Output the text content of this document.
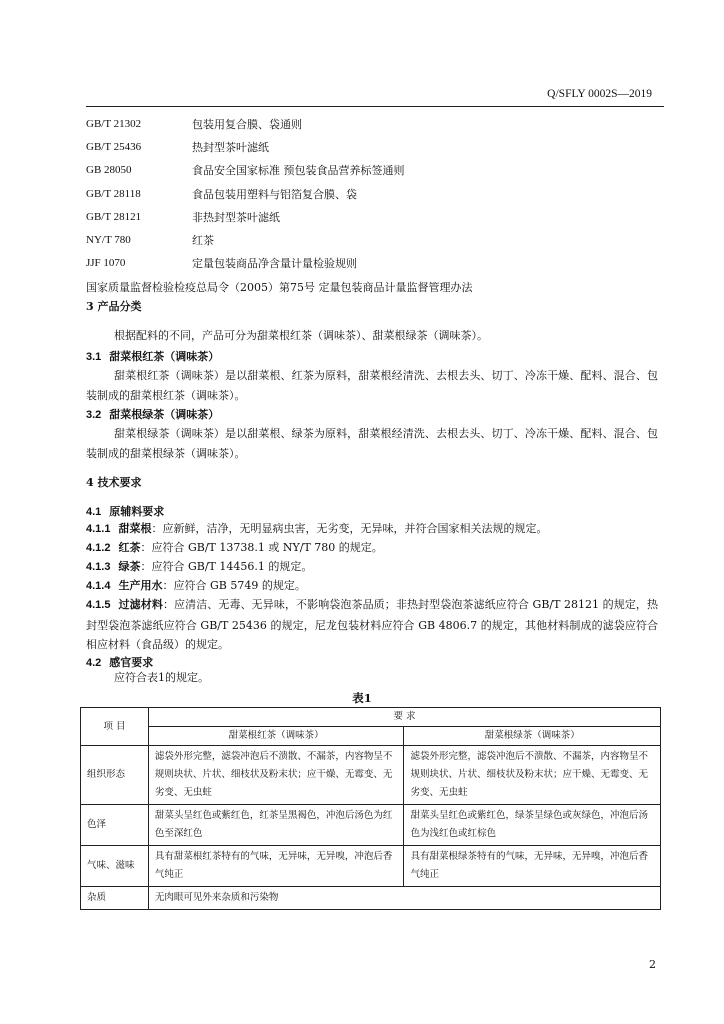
Q/SFLY 0002S—2019
GB/T 21302	包装用复合膜、袋通则
GB/T 25436	热封型茶叶滤纸
GB 28050	食品安全国家标准 预包装食品营养标签通则
GB/T 28118	食品包装用塑料与铝箔复合膜、袋
GB/T 28121	非热封型茶叶滤纸
NY/T 780	红茶
JJF 1070	定量包装商品净含量计量检验规则
国家质量监督检验检疫总局令（2005）第75号 定量包装商品计量监督管理办法
3 产品分类
根据配料的不同，产品可分为甜菜根红茶（调味茶）、甜菜根绿茶（调味茶）。
3.1 甜菜根红茶（调味茶）
甜菜根红茶（调味茶）是以甜菜根、红茶为原料，甜菜根经清洗、去根去头、切丁、冷冻干燥、配料、混合、包装制成的甜菜根红茶（调味茶）。
3.2 甜菜根绿茶（调味茶）
甜菜根绿茶（调味茶）是以甜菜根、绿茶为原料，甜菜根经清洗、去根去头、切丁、冷冻干燥、配料、混合、包装制成的甜菜根绿茶（调味茶）。
4 技术要求
4.1 原辅料要求
4.1.1 甜菜根：应新鲜，洁净，无明显病虫害，无劣变，无异味，并符合国家相关法规的规定。
4.1.2 红茶：应符合 GB/T 13738.1 或 NY/T 780 的规定。
4.1.3 绿茶：应符合 GB/T 14456.1 的规定。
4.1.4 生产用水：应符合 GB 5749 的规定。
4.1.5 过滤材料：应清洁、无毒、无异味，不影响袋泡茶品质；非热封型袋泡茶滤纸应符合 GB/T 28121 的规定，热封型袋泡茶滤纸应符合 GB/T 25436 的规定，尼龙包装材料应符合 GB 4806.7 的规定，其他材料制成的滤袋应符合相应材料（食品级）的规定。
4.2 感官要求
应符合表1的规定。
表1
项 目	要 求	
	甜菜根红茶（调味茶）	甜菜根绿茶（调味茶）
组织形态	滤袋外形完整，滤袋冲泡后不溃散、不漏茶，内容物呈不规则块状、片状、细枝状及粉末状；应干燥、无霉变、无劣变、无虫蛀	滤袋外形完整，滤袋冲泡后不溃散、不漏茶，内容物呈不规则块状、片状、细枝状及粉末状；应干燥、无霉变、无劣变、无虫蛀
色泽	甜菜头呈红色或紫红色，红茶呈黑褐色，冲泡后汤色为红色至深红色	甜菜头呈红色或紫红色，绿茶呈绿色或灰绿色，冲泡后汤色为浅红色或红棕色
气味、滋味	具有甜菜根红茶特有的气味，无异味，无异嗅，冲泡后香气纯正	具有甜菜根绿茶特有的气味，无异味，无异嗅，冲泡后香气纯正
杂质	无肉眼可见外来杂质和污染物	
2
